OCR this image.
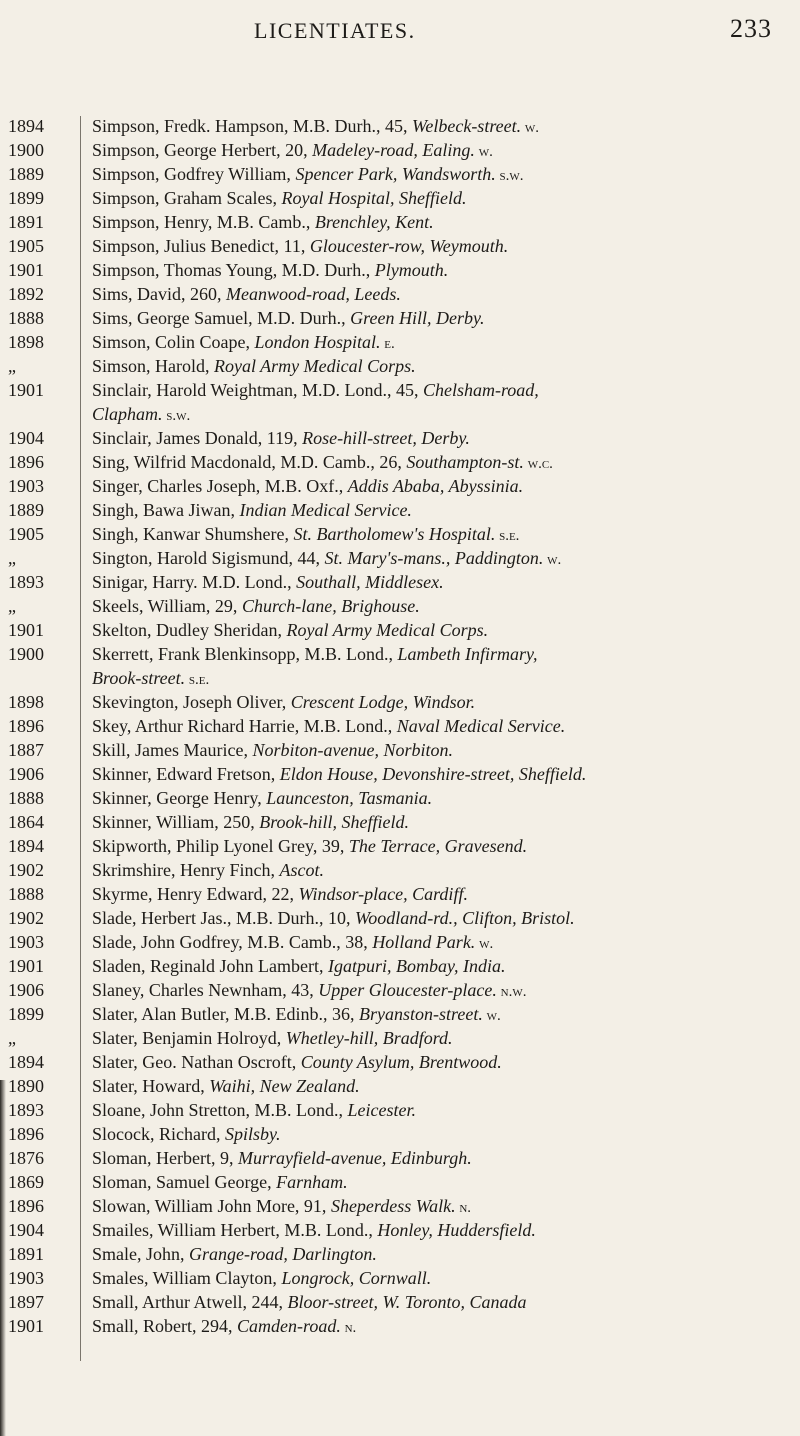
LICENTIATES.	233
1894	Simpson, Fredk. Hampson, M.B. Durh., 45, Welbeck-street. w.
1900	Simpson, George Herbert, 20, Madeley-road, Ealing. w.
1889	Simpson, Godfrey William, Spencer Park, Wandsworth. s.w.
1899	Simpson, Graham Scales, Royal Hospital, Sheffield.
1891	Simpson, Henry, M.B. Camb., Brenchley, Kent.
1905	Simpson, Julius Benedict, 11, Gloucester-row, Weymouth.
1901	Simpson, Thomas Young, M.D. Durh., Plymouth.
1892	Sims, David, 260, Meanwood-road, Leeds.
1888	Sims, George Samuel, M.D. Durh., Green Hill, Derby.
1898	Simson, Colin Coape, London Hospital. e.
„	Simson, Harold, Royal Army Medical Corps.
1901	Sinclair, Harold Weightman, M.D. Lond., 45, Chelsham-road,
Clapham. s.w.
1904	Sinclair, James Donald, 119, Rose-hill-street, Derby.
1896	Sing, Wilfrid Macdonald, M.D. Camb., 26, Southampton-st. w.c.
1903	Singer, Charles Joseph, M.B. Oxf., Addis Ababa, Abyssinia.
1889	Singh, Bawa Jiwan, Indian Medical Service.
1905	Singh, Kanwar Shumshere, St. Bartholomew's Hospital. s.e.
„	Sington, Harold Sigismund, 44, St. Mary's-mans., Paddington. w.
1893	Sinigar, Harry. M.D. Lond., Southall, Middlesex.
„	Skeels, William, 29, Church-lane, Brighouse.
1901	Skelton, Dudley Sheridan, Royal Army Medical Corps.
1900	Skerrett, Frank Blenkinsopp, M.B. Lond., Lambeth Infirmary,
Brook-street. s.e.
1898	Skevington, Joseph Oliver, Crescent Lodge, Windsor.
1896	Skey, Arthur Richard Harrie, M.B. Lond., Naval Medical Service.
1887	Skill, James Maurice, Norbiton-avenue, Norbiton.
1906	Skinner, Edward Fretson, Eldon House, Devonshire-street, Sheffield.
1888	Skinner, George Henry, Launceston, Tasmania.
1864	Skinner, William, 250, Brook-hill, Sheffield.
1894	Skipworth, Philip Lyonel Grey, 39, The Terrace, Gravesend.
1902	Skrimshire, Henry Finch, Ascot.
1888	Skyrme, Henry Edward, 22, Windsor-place, Cardiff.
1902	Slade, Herbert Jas., M.B. Durh., 10, Woodland-rd., Clifton, Bristol.
1903	Slade, John Godfrey, M.B. Camb., 38, Holland Park. w.
1901	Sladen, Reginald John Lambert, Igatpuri, Bombay, India.
1906	Slaney, Charles Newnham, 43, Upper Gloucester-place. n.w.
1899	Slater, Alan Butler, M.B. Edinb., 36, Bryanston-street. w.
„	Slater, Benjamin Holroyd, Whetley-hill, Bradford.
1894	Slater, Geo. Nathan Oscroft, County Asylum, Brentwood.
1890	Slater, Howard, Waihi, New Zealand.
1893	Sloane, John Stretton, M.B. Lond., Leicester.
1896	Slocock, Richard, Spilsby.
1876	Sloman, Herbert, 9, Murrayfield-avenue, Edinburgh.
1869	Sloman, Samuel George, Farnham.
1896	Slowan, William John More, 91, Sheperdess Walk. n.
1904	Smailes, William Herbert, M.B. Lond., Honley, Huddersfield.
1891	Smale, John, Grange-road, Darlington.
1903	Smales, William Clayton, Longrock, Cornwall.
1897	Small, Arthur Atwell, 244, Bloor-street, W. Toronto, Canada
1901	Small, Robert, 294, Camden-road. n.
